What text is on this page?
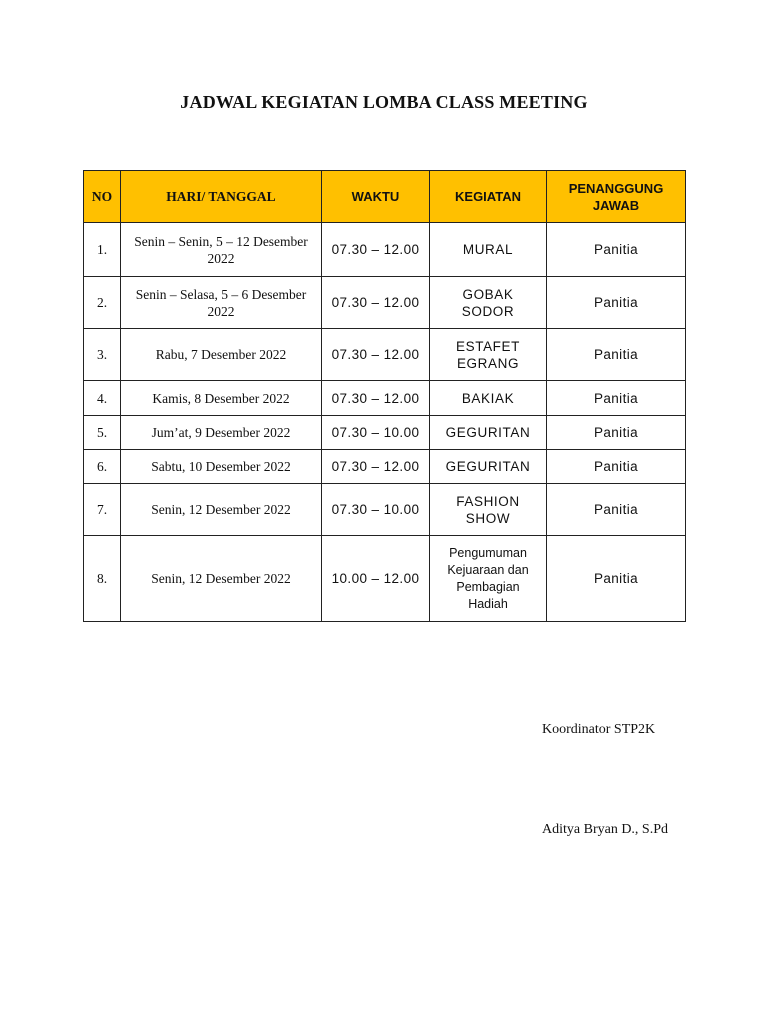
JADWAL KEGIATAN LOMBA CLASS MEETING
NO	HARI/ TANGGAL	WAKTU	KEGIATAN	PENANGGUNG JAWAB
1.	Senin – Senin, 5 – 12 Desember 2022	07.30 – 12.00	MURAL	Panitia
2.	Senin – Selasa, 5 – 6 Desember 2022	07.30 – 12.00	GOBAK SODOR	Panitia
3.	Rabu, 7 Desember 2022	07.30 – 12.00	ESTAFET EGRANG	Panitia
4.	Kamis, 8 Desember 2022	07.30 – 12.00	BAKIAK	Panitia
5.	Jum’at, 9 Desember 2022	07.30 – 10.00	GEGURITAN	Panitia
6.	Sabtu, 10 Desember 2022	07.30 – 12.00	GEGURITAN	Panitia
7.	Senin, 12 Desember 2022	07.30 – 10.00	FASHION SHOW	Panitia
8.	Senin, 12 Desember 2022	10.00 – 12.00	Pengumuman Kejuaraan dan Pembagian Hadiah	Panitia
Koordinator STP2K
Aditya Bryan D., S.Pd
